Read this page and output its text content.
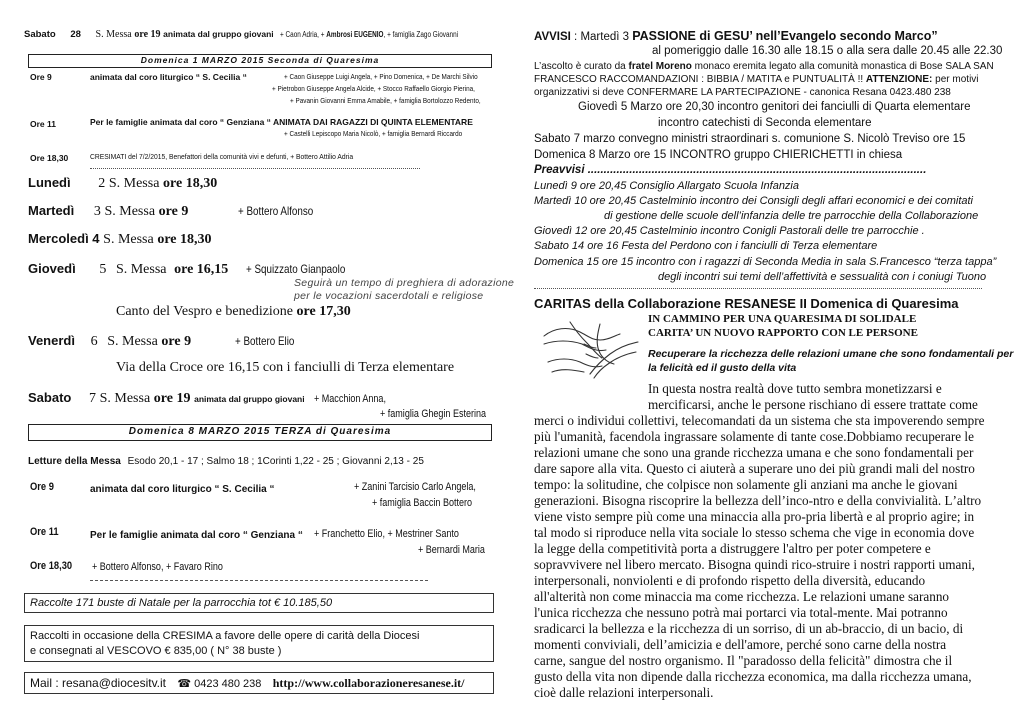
Sabato 28 S. Messa ore 19 animata dal gruppo giovani + Caon Adria, + Ambrosi EUGENIO, + famiglia Zago Giovanni
Domenica 1 MARZO 2015 Seconda di Quaresima
Ore 9	animata dal coro liturgico “ S. Cecilia “	+ Caon Giuseppe Luigi Angela, + Pino Domenica, + De Marchi Silvio
+ Pietrobon Giuseppe Angela Alcide, + Stocco Raffaello Giorgio Pierina,
+ Pavanin Giovanni Emma Amabile, + famiglia Bortolozzo Redento,
Ore 11	Per le famiglie animata dal coro “ Genziana “ ANIMATA DAI RAGAZZI DI QUINTA ELEMENTARE
+ Castelli Lepiscopo Maria Nicolò, + famiglia Bernardi Riccardo
Ore 18,30	CRESIMATI del 7/2/2015, Benefattori della comunità vivi e defunti, + Bottero Attilio Adria
Lunedì 2 S. Messa ore 18,30
Martedì 3 S. Messa ore 9	+ Bottero Alfonso
Mercoledì 4 S. Messa ore 18,30
Giovedì 5 S. Messa ore 16,15 + Squizzato Gianpaolo
Seguirà un tempo di preghiera di adorazione
per le vocazioni sacerdotali e religiose
Canto del Vespro e benedizione ore 17,30
Venerdì 6 S. Messa ore 9	+ Bottero Elio
Via della Croce ore 16,15 con i fanciulli di Terza elementare
Sabato 7 S. Messa ore 19 animata dal gruppo giovani + Macchion Anna,
+ famiglia Ghegin Esterina
Domenica 8 MARZO 2015 TERZA di Quaresima
Letture della Messa Esodo 20,1 - 17 ; Salmo 18 ; 1Corinti 1,22 - 25 ; Giovanni 2,13 - 25
Ore 9	animata dal coro liturgico “ S. Cecilia “	+ Zanini Tarcisio Carlo Angela,
+ famiglia Baccin Bottero
Ore 11	Per le famiglie animata dal coro “ Genziana “ + Franchetto Elio, + Mestriner Santo
+ Bernardi Maria
Ore 18,30 + Bottero Alfonso, + Favaro Rino
Raccolte 171 buste di Natale per la parrocchia tot € 10.185,50
Raccolti in occasione della CRESIMA a favore delle opere di carità della Diocesi
e consegnati al VESCOVO € 835,00 ( N° 38 buste )
Mail : resana@diocesitv.it ☎ 0423 480 238 http://www.collaborazioneresanese.it/
AVVISI : Martedì 3 PASSIONE di GESU’ nell’Evangelo secondo Marco”
al pomeriggio dalle 16.30 alle 18.15 o alla sera dalle 20.45 alle 22.30
L’ascolto è curato da fratel Moreno monaco eremita legato alla comunità monastica di Bose SALA SAN
FRANCESCO RACCOMANDAZIONI : BIBBIA / MATITA e PUNTUALITÀ !! ATTENZIONE: per motivi
organizzativi si deve CONFERMARE LA PARTECIPAZIONE - canonica Resana 0423.480 238
Giovedì 5 Marzo ore 20,30 incontro genitori dei fanciulli di Quarta elementare
incontro catechisti di Seconda elementare
Sabato 7 marzo convegno ministri straordinari s. comunione S. Nicolò Treviso ore 15
Domenica 8 Marzo ore 15 INCONTRO gruppo CHIERICHETTI in chiesa
Preavvisi ..........................................................................................................
Lunedì 9 ore 20,45 Consiglio Allargato Scuola Infanzia
Martedì 10 ore 20,45 Castelminio incontro dei Consigli degli affari economici e dei comitati
di gestione delle scuole dell’infanzia delle tre parrocchie della Collaborazione
Giovedì 12 ore 20,45 Castelminio incontro Conigli Pastorali delle tre parrocchie .
Sabato 14 ore 16 Festa del Perdono con i fanciulli di Terza elementare
Domenica 15 ore 15 incontro con i ragazzi di Seconda Media in sala S.Francesco “terza tappa”
degli incontri sui temi dell’affettività e sessualità con i coniugi Tuono
CARITAS della Collaborazione RESANESE II Domenica di Quaresima
IN CAMMINO PER UNA QUARESIMA DI SOLIDALE
CARITA’ UN NUOVO RAPPORTO CON LE PERSONE
Recuperare la ricchezza delle relazioni umane che sono fondamentali per
la felicità ed il gusto della vita
In questa nostra realtà dove tutto sembra monetizzarsi e
mercificarsi, anche le persone rischiano di essere trattate come
merci o individui collettivi, telecomandati da un sistema che sta impoverendo sempre
più l'umanità, facendola ingrassare solamente di tante cose.Dobbiamo recuperare le
relazioni umane che sono una grande ricchezza umana e che sono fondamentali per
dare sapore alla vita. Questo ci aiuterà a superare uno dei più grandi mali del nostro
tempo: la solitudine, che colpisce non solamente gli anziani ma anche le giovani
generazioni. Bisogna riscoprire la bellezza dellʼinco-ntro e della convivialità. Lʼaltro
viene visto sempre più come una minaccia alla pro-pria libertà e al proprio agire; in
tal modo si riproduce nella vita sociale lo stesso schema che vige in economia dove
la legge della competitività porta a distruggere l'altro per poter competere e
sopravvivere nel libero mercato. Bisogna quindi rico-struire i nostri rapporti umani,
interpersonali, nonviolenti e di profondo rispetto della diversità, educando
all'alterità non come minaccia ma come ricchezza. Le relazioni umane saranno
l'unica ricchezza che nessuno potrà mai portarci via total-mente. Mai potranno
sradicarci la bellezza e la ricchezza di un sorriso, di un ab-braccio, di un bacio, di
momenti conviviali, dellʼamicizia e dell'amore, perché sono carne della nostra
carne, sangue del nostro organismo. Il "paradosso della felicità" dimostra che il
gusto della vita non dipende dalla ricchezza economica, ma dalla ricchezza umana,
cioè dalle relazioni interpersonali.
